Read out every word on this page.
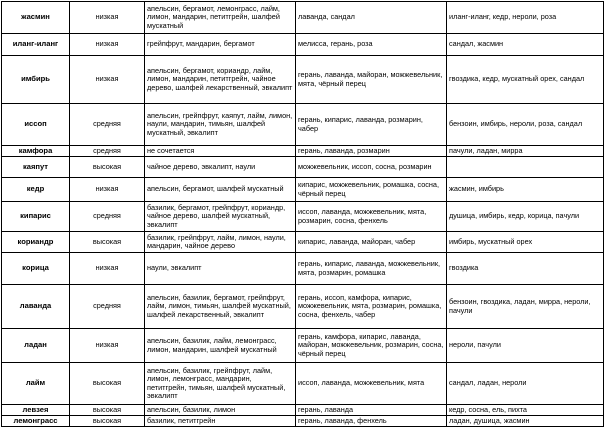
жасмин	низкая	апельсин, бергамот, лемонграсс, лайм, лимон, мандарин, петитгрейн, шалфей мускатный	лаванда, сандал	иланг-иланг, кедр, нероли, роза
иланг-иланг	низкая	грейпфрут, мандарин, бергамот	мелисса, герань, роза	сандал, жасмин
имбирь	низкая	апельсин, бергамот, кориандр, лайм, лимон, мандарин, петитгрейн, чайное дерево, шалфей лекарственный, эвкалипт	герань, лаванда, майоран, можжевельник, мята, чёрный перец	гвоздика, кедр, мускатный орех, сандал
иссоп	средняя	апельсин, грейпфрут, каяпут, лайм, лимон, наули, мандарин, тимьян, шалфей мускатный, эвкалипт	герань, кипарис, лаванда, розмарин, чабер	бензоин, имбирь, нероли, роза, сандал
камфора	средняя	не сочетается	герань, лаванда, розмарин	пачули, ладан, мирра
каяпут	высокая	чайное дерево, эвкалипт, наули	можжевельник, иссоп, сосна, розмарин	
кедр	низкая	апельсин, бергамот, шалфей мускатный	кипарис, можжевельник, ромашка, сосна, чёрный перец	жасмин, имбирь
кипарис	средняя	базилик, бергамот, грейпфрут, кориандр, чайное дерево, шалфей мускатный, эвкалипт	иссоп, лаванда, можжевельник, мята, розмарин, сосна, фенхель	душица, имбирь, кедр, корица, пачули
кориандр	высокая	базилик, грейпфрут, лайм, лимон, наули, мандарин, чайное дерево	кипарис, лаванда, майоран, чабер	имбирь, мускатный орех
корица	низкая	наули, эвкалипт	герань, кипарис, лаванда, можжевельник, мята, розмарин, ромашка	гвоздика
лаванда	средняя	апельсин, базилик, бергамот, грейпфрут, лайм, лимон, тимьян, шалфей мускатный, шалфей лекарственный, эвкалипт	герань, иссоп, камфора, кипарис, можжевельник, мята, розмарин, ромашка, сосна, фенхель, чабер	бензоин, гвоздика, ладан, мирра, нероли, пачули
ладан	низкая	апельсин, базилик, лайм, лемонграсс, лимон, мандарин, шалфей мускатный	герань, камфора, кипарис, лаванда, майоран, можжевельник, розмарин, сосна, чёрный перец	нероли, пачули
лайм	высокая	апельсин, базилик, грейпфрут, лайм, лимон, лемонграсс, мандарин, петитгрейн, тимьян, шалфей мускатный, эвкалипт	иссоп, лаванда, можжевельник, мята	сандал, ладан, нероли
левзея	высокая	апельсин, базилик, лимон	герань, лаванда	кедр, сосна, ель, пихта
лемонграсс	высокая	базилик, петитгрейн	герань, лаванда, фенхель	ладан, душица, жасмин
